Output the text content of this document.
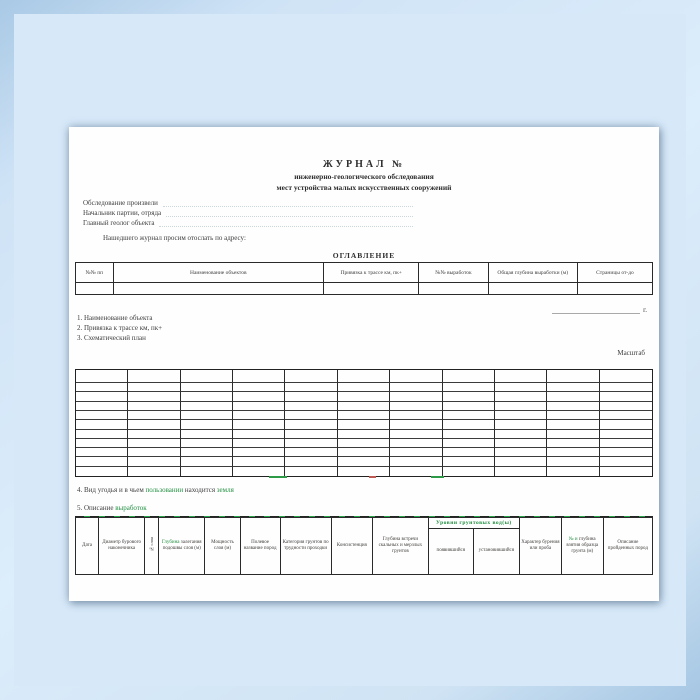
ЖУРНАЛ №
инженерно-геологического обследования
мест устройства малых искусственных сооружений
Обследование произвели
Начальник партии, отряда
Главный геолог объекта
Нашедшего журнал просим отослать по адресу:
ОГЛАВЛЕНИЕ
№№ пп	Наименование объектов	Привязка к трассе км, пк+	№№ выработок	Общая глубина выработки (м)	Страницы от-до

г.
1. Наименование объекта
2. Привязка к трассе км, пк+
3. Схематический план
Масштаб
4. Вид угодья и в чьем пользовании находится земля
5. Описание выработок
Дата	Диаметр бурового наконечника	№ слоя	Глубина залегания подошвы слоя (м)	Мощность слоя (м)	Полевое название пород	Категория грунтов по трудности проходки	Консистенция	Глубина встречи скальных и мерзлых грунтов	Уровни грунтовых вод(ы)		Характер бурения или проба	№ и глубина взятия образца грунта (м)	Описание пройденных пород
									появившийся	установившийся			
